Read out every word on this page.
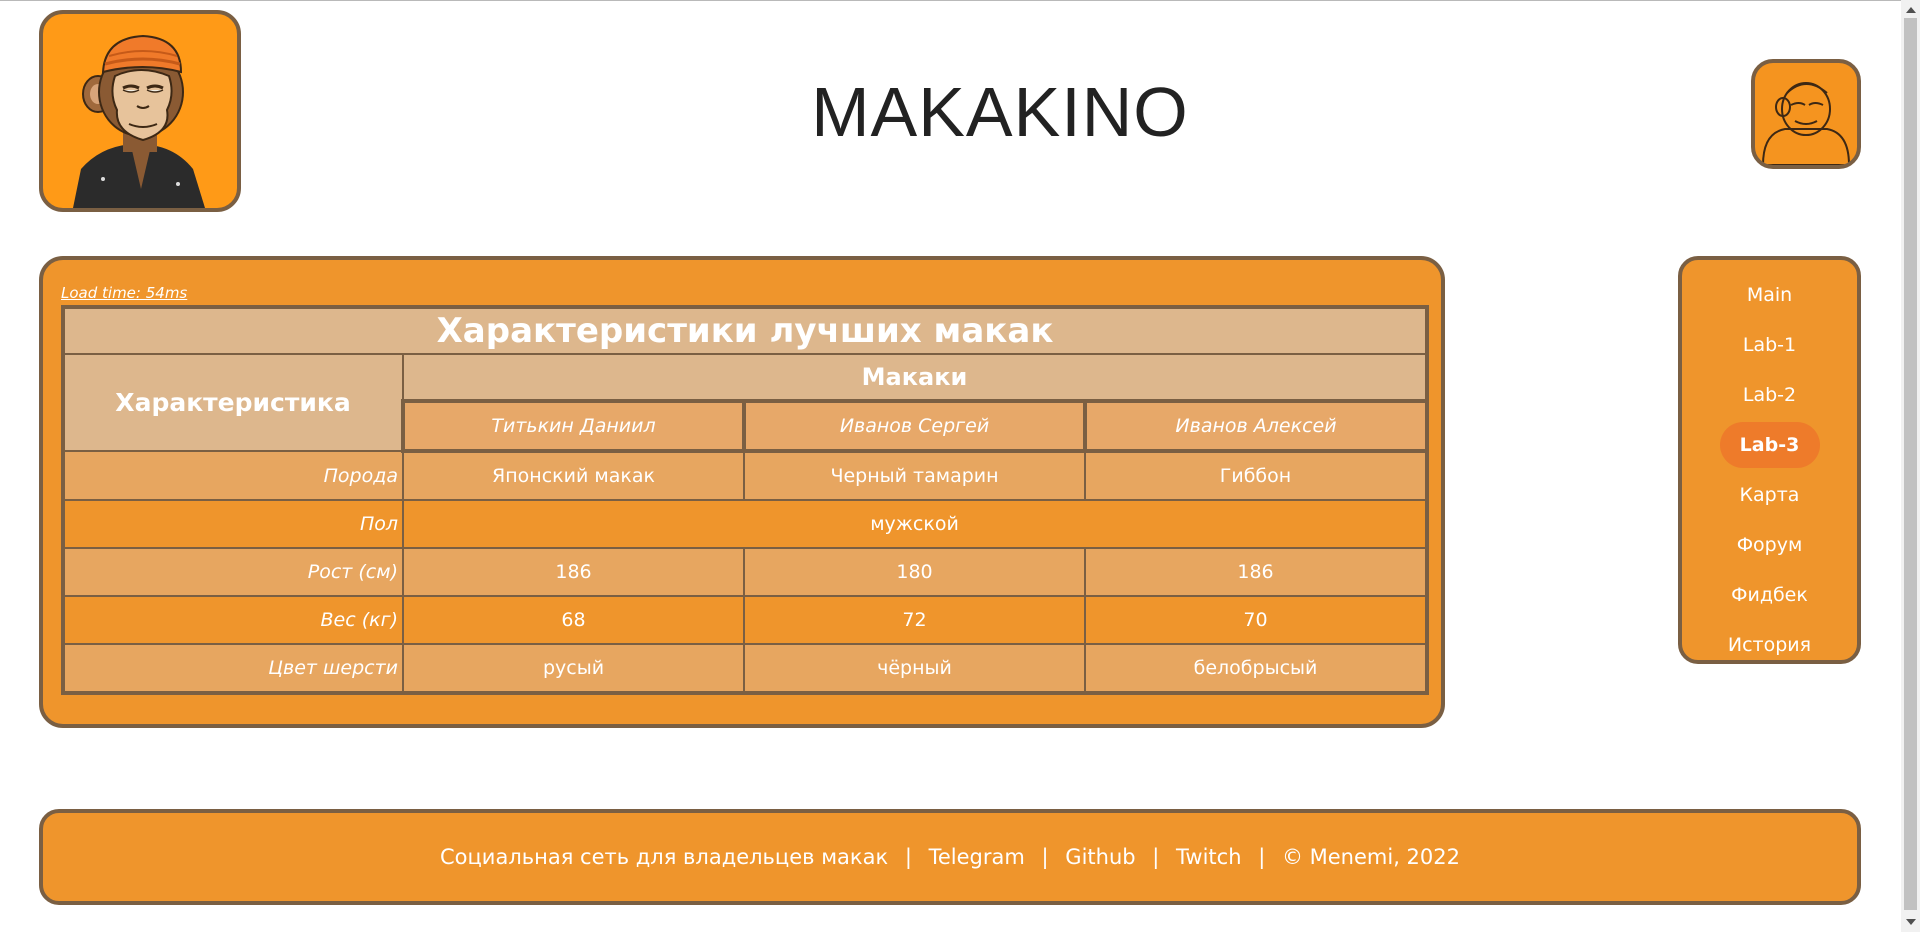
MAKAKINO
Load time: 54ms
Характеристики лучших макак			
Характеристика	Макаки		
	Титькин Даниил	Иванов Сергей	Иванов Алексей
Порода	Японский макак	Черный тамарин	Гиббон
Пол	мужской		
Рост (см)	186	180	186
Вес (кг)	68	72	70
Цвет шерсти	русый	чёрный	белобрысый
Main
Lab-1
Lab-2
Lab-3
Карта
Форум
Фидбек
История
Социальная сеть для владельцев макак | Telegram | Github | Twitch | © Menemi, 2022
